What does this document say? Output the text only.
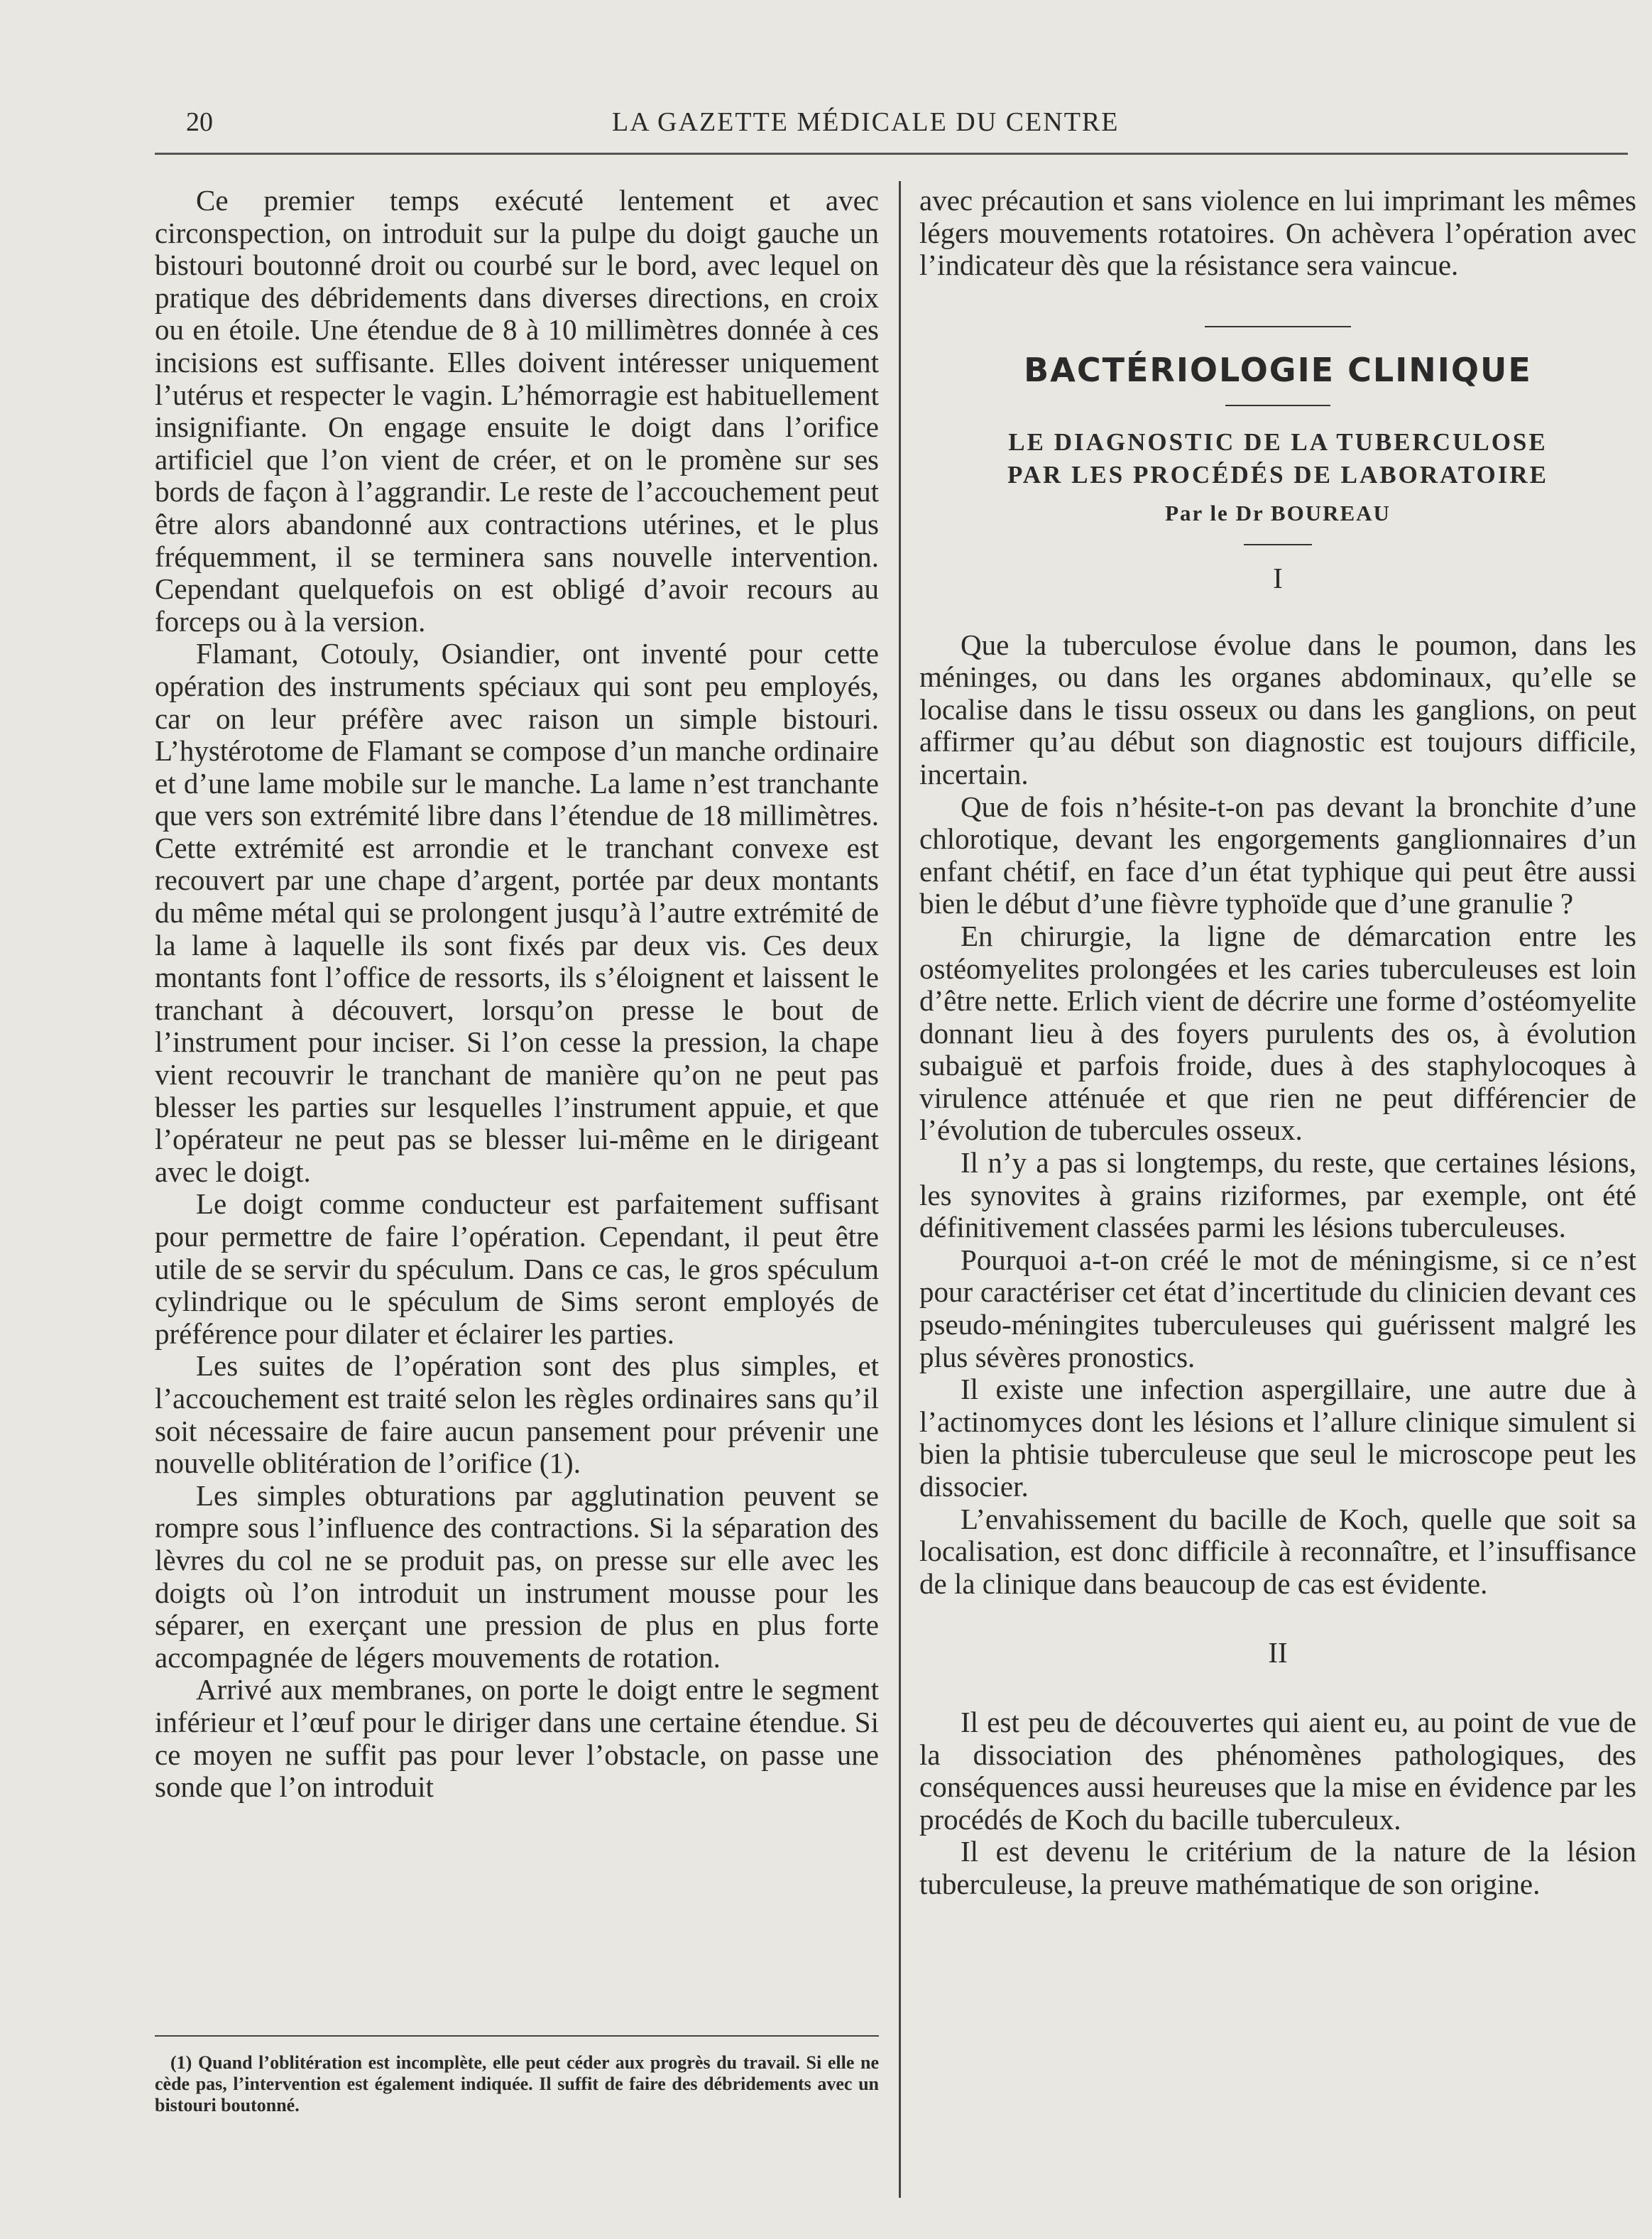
20	LA GAZETTE MÉDICALE DU CENTRE

Ce premier temps exécuté lentement et avec circonspection, on introduit sur la pulpe du doigt gauche un bistouri boutonné droit ou courbé sur le bord, avec lequel on pratique des débridements dans diverses directions, en croix ou en étoile. Une étendue de 8 à 10 millimètres donnée à ces incisions est suffisante. Elles doivent intéresser uniquement l’utérus et respecter le vagin. L’hémorragie est habituellement insignifiante. On engage ensuite le doigt dans l’orifice artificiel que l’on vient de créer, et on le promène sur ses bords de façon à l’aggrandir. Le reste de l’accouchement peut être alors abandonné aux contractions utérines, et le plus fréquemment, il se terminera sans nouvelle intervention. Cependant quelquefois on est obligé d’avoir recours au forceps ou à la version.

Flamant, Cotouly, Osiandier, ont inventé pour cette opération des instruments spéciaux qui sont peu employés, car on leur préfère avec raison un simple bistouri. L’hystérotome de Flamant se compose d’un manche ordinaire et d’une lame mobile sur le manche. La lame n’est tranchante que vers son extrémité libre dans l’étendue de 18 millimètres. Cette extrémité est arrondie et le tranchant convexe est recouvert par une chape d’argent, portée par deux montants du même métal qui se prolongent jusqu’à l’autre extrémité de la lame à laquelle ils sont fixés par deux vis. Ces deux montants font l’office de ressorts, ils s’éloignent et laissent le tranchant à découvert, lorsqu’on presse le bout de l’instrument pour inciser. Si l’on cesse la pression, la chape vient recouvrir le tranchant de manière qu’on ne peut pas blesser les parties sur lesquelles l’instrument appuie, et que l’opérateur ne peut pas se blesser lui-même en le dirigeant avec le doigt.

Le doigt comme conducteur est parfaitement suffisant pour permettre de faire l’opération. Cependant, il peut être utile de se servir du spéculum. Dans ce cas, le gros spéculum cylindrique ou le spéculum de Sims seront employés de préférence pour dilater et éclairer les parties.

Les suites de l’opération sont des plus simples, et l’accouchement est traité selon les règles ordinaires sans qu’il soit nécessaire de faire aucun pansement pour prévenir une nouvelle oblitération de l’orifice (1).

Les simples obturations par agglutination peuvent se rompre sous l’influence des contractions. Si la séparation des lèvres du col ne se produit pas, on presse sur elle avec les doigts où l’on introduit un instrument mousse pour les séparer, en exerçant une pression de plus en plus forte accompagnée de légers mouvements de rotation.

Arrivé aux membranes, on porte le doigt entre le segment inférieur et l’œuf pour le diriger dans une certaine étendue. Si ce moyen ne suffit pas pour lever l’obstacle, on passe une sonde que l’on introduit

(1) Quand l’oblitération est incomplète, elle peut céder aux progrès du travail. Si elle ne cède pas, l’intervention est également indiquée. Il suffit de faire des débridements avec un bistouri boutonné.

avec précaution et sans violence en lui imprimant les mêmes légers mouvements rotatoires. On achèvera l’opération avec l’indicateur dès que la résistance sera vaincue.

BACTÉRIOLOGIE CLINIQUE
LE DIAGNOSTIC DE LA TUBERCULOSE
PAR LES PROCÉDÉS DE LABORATOIRE
Par le Dr BOUREAU
I

Que la tuberculose évolue dans le poumon, dans les méninges, ou dans les organes abdominaux, qu’elle se localise dans le tissu osseux ou dans les ganglions, on peut affirmer qu’au début son diagnostic est toujours difficile, incertain.

Que de fois n’hésite-t-on pas devant la bronchite d’une chlorotique, devant les engorgements ganglionnaires d’un enfant chétif, en face d’un état typhique qui peut être aussi bien le début d’une fièvre typhoïde que d’une granulie ?

En chirurgie, la ligne de démarcation entre les ostéomyelites prolongées et les caries tuberculeuses est loin d’être nette. Erlich vient de décrire une forme d’ostéomyelite donnant lieu à des foyers purulents des os, à évolution subaiguë et parfois froide, dues à des staphylocoques à virulence atténuée et que rien ne peut différencier de l’évolution de tubercules osseux.

Il n’y a pas si longtemps, du reste, que certaines lésions, les synovites à grains riziformes, par exemple, ont été définitivement classées parmi les lésions tuberculeuses.

Pourquoi a-t-on créé le mot de méningisme, si ce n’est pour caractériser cet état d’incertitude du clinicien devant ces pseudo-méningites tuberculeuses qui guérissent malgré les plus sévères pronostics.

Il existe une infection aspergillaire, une autre due à l’actinomyces dont les lésions et l’allure clinique simulent si bien la phtisie tuberculeuse que seul le microscope peut les dissocier.

L’envahissement du bacille de Koch, quelle que soit sa localisation, est donc difficile à reconnaître, et l’insuffisance de la clinique dans beaucoup de cas est évidente.

II

Il est peu de découvertes qui aient eu, au point de vue de la dissociation des phénomènes pathologiques, des conséquences aussi heureuses que la mise en évidence par les procédés de Koch du bacille tuberculeux.

Il est devenu le critérium de la nature de la lésion tuberculeuse, la preuve mathématique de son origine.
